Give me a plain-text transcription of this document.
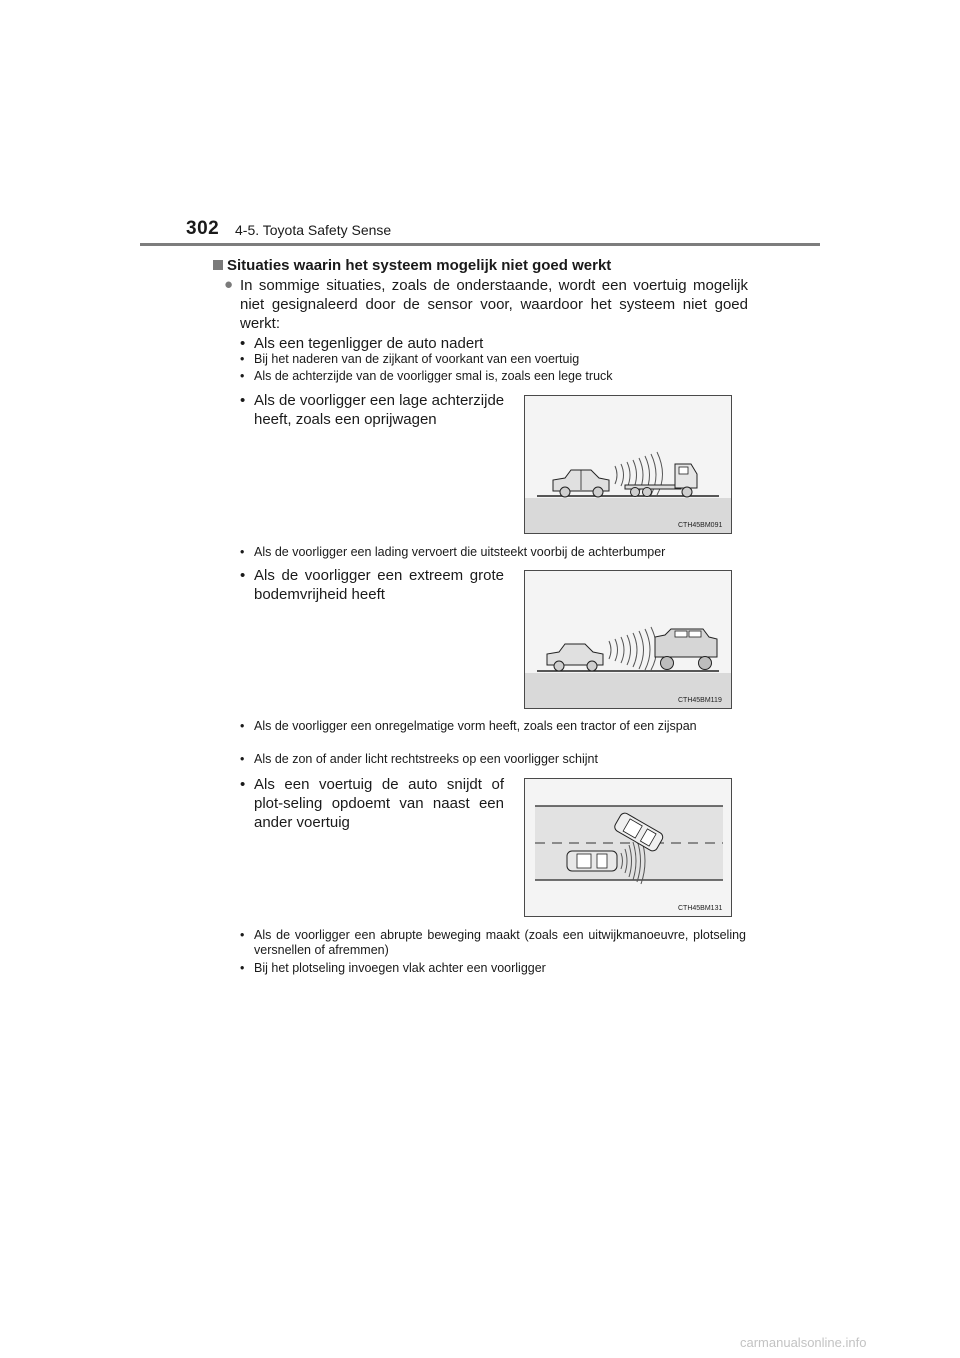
302 4-5. Toyota Safety Sense
Situaties waarin het systeem mogelijk niet goed werkt
● In sommige situaties, zoals de onderstaande, wordt een voertuig mogelijk niet gesignaleerd door de sensor voor, waardoor het systeem niet goed werkt:
• Als een tegenligger de auto nadert
• Bij het naderen van de zijkant of voorkant van een voertuig
• Als de achterzijde van de voorligger smal is, zoals een lege truck
• Als de voorligger een lage achterzijde heeft, zoals een oprijwagen
CTH45BM091
• Als de voorligger een lading vervoert die uitsteekt voorbij de achterbumper
• Als de voorligger een extreem grote bodemvrijheid heeft
CTH45BM119
• Als de voorligger een onregelmatige vorm heeft, zoals een tractor of een zijspan
• Als de zon of ander licht rechtstreeks op een voorligger schijnt
• Als een voertuig de auto snijdt of plot-seling opdoemt van naast een ander voertuig
CTH45BM131
• Als de voorligger een abrupte beweging maakt (zoals een uitwijkmanoeuvre, plotseling versnellen of afremmen)
• Bij het plotseling invoegen vlak achter een voorligger
carmanualsonline.info
